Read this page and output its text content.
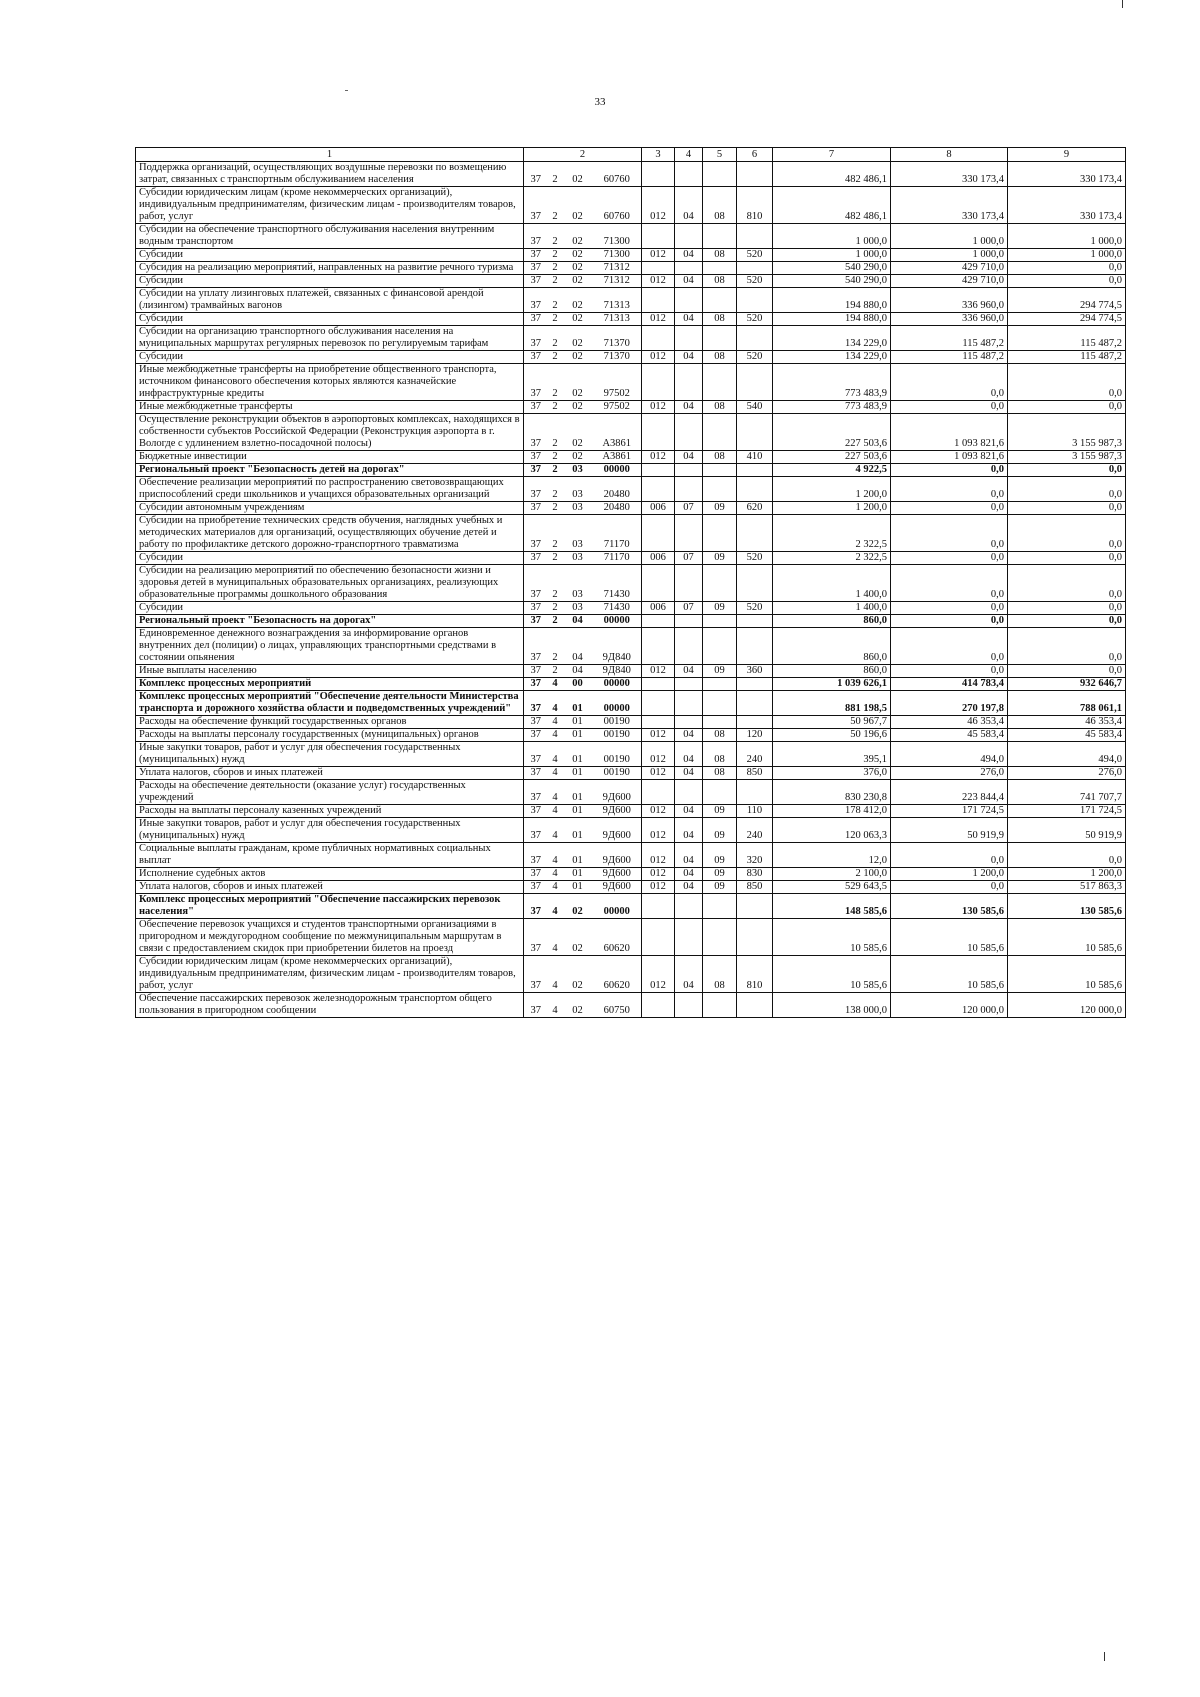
33
1	2				3	4	5	6	7	8	9
Поддержка организаций, осуществляющих воздушные перевозки по возмещению затрат, связанных с транспортным обслуживанием населения	37	2	02	60760					482 486,1	330 173,4	330 173,4
Субсидии юридическим лицам (кроме некоммерческих организаций), индивидуальным предпринимателям, физическим лицам - производителям товаров, работ, услуг	37	2	02	60760	012	04	08	810	482 486,1	330 173,4	330 173,4
Субсидии на обеспечение транспортного обслуживания населения внутренним водным транспортом	37	2	02	71300					1 000,0	1 000,0	1 000,0
Субсидии	37	2	02	71300	012	04	08	520	1 000,0	1 000,0	1 000,0
Субсидия на реализацию мероприятий, направленных на развитие речного туризма	37	2	02	71312					540 290,0	429 710,0	0,0
Субсидии	37	2	02	71312	012	04	08	520	540 290,0	429 710,0	0,0
Субсидии на уплату лизинговых платежей, связанных с финансовой арендой (лизингом) трамвайных вагонов	37	2	02	71313					194 880,0	336 960,0	294 774,5
Субсидии	37	2	02	71313	012	04	08	520	194 880,0	336 960,0	294 774,5
Субсидии на организацию транспортного обслуживания населения на муниципальных маршрутах регулярных перевозок по регулируемым тарифам	37	2	02	71370					134 229,0	115 487,2	115 487,2
Субсидии	37	2	02	71370	012	04	08	520	134 229,0	115 487,2	115 487,2
Иные межбюджетные трансферты на приобретение общественного транспорта, источником финансового обеспечения которых являются казначейские инфраструктурные кредиты	37	2	02	97502					773 483,9	0,0	0,0
Иные межбюджетные трансферты	37	2	02	97502	012	04	08	540	773 483,9	0,0	0,0
Осуществление реконструкции объектов в аэропортовых комплексах, находящихся в собственности субъектов Российской Федерации (Реконструкция аэропорта в г. Вологде с удлинением взлетно-посадочной полосы)	37	2	02	А3861					227 503,6	1 093 821,6	3 155 987,3
Бюджетные инвестиции	37	2	02	А3861	012	04	08	410	227 503,6	1 093 821,6	3 155 987,3
Региональный проект "Безопасность детей на дорогах"	37	2	03	00000					4 922,5	0,0	0,0
Обеспечение реализации мероприятий по распространению световозвращающих приспособлений среди школьников и учащихся образовательных организаций	37	2	03	20480					1 200,0	0,0	0,0
Субсидии автономным учреждениям	37	2	03	20480	006	07	09	620	1 200,0	0,0	0,0
Субсидии на приобретение технических средств обучения, наглядных учебных и методических материалов для организаций, осуществляющих обучение детей и работу по профилактике детского дорожно-транспортного травматизма	37	2	03	71170					2 322,5	0,0	0,0
Субсидии	37	2	03	71170	006	07	09	520	2 322,5	0,0	0,0
Субсидии на реализацию мероприятий по обеспечению безопасности жизни и здоровья детей в муниципальных образовательных организациях, реализующих образовательные программы дошкольного образования	37	2	03	71430					1 400,0	0,0	0,0
Субсидии	37	2	03	71430	006	07	09	520	1 400,0	0,0	0,0
Региональный проект "Безопасность на дорогах"	37	2	04	00000					860,0	0,0	0,0
Единовременное денежного вознаграждения за информирование органов внутренних дел (полиции) о лицах, управляющих транспортными средствами в состоянии опьянения	37	2	04	9Д840					860,0	0,0	0,0
Иные выплаты населению	37	2	04	9Д840	012	04	09	360	860,0	0,0	0,0
Комплекс процессных мероприятий	37	4	00	00000					1 039 626,1	414 783,4	932 646,7
Комплекс процессных мероприятий "Обеспечение деятельности Министерства транспорта и дорожного хозяйства области и подведомственных учреждений"	37	4	01	00000					881 198,5	270 197,8	788 061,1
Расходы на обеспечение функций государственных органов	37	4	01	00190					50 967,7	46 353,4	46 353,4
Расходы на выплаты персоналу государственных (муниципальных) органов	37	4	01	00190	012	04	08	120	50 196,6	45 583,4	45 583,4
Иные закупки товаров, работ и услуг для обеспечения государственных (муниципальных) нужд	37	4	01	00190	012	04	08	240	395,1	494,0	494,0
Уплата налогов, сборов и иных платежей	37	4	01	00190	012	04	08	850	376,0	276,0	276,0
Расходы на обеспечение деятельности (оказание услуг) государственных учреждений	37	4	01	9Д600					830 230,8	223 844,4	741 707,7
Расходы на выплаты персоналу казенных учреждений	37	4	01	9Д600	012	04	09	110	178 412,0	171 724,5	171 724,5
Иные закупки товаров, работ и услуг для обеспечения государственных (муниципальных) нужд	37	4	01	9Д600	012	04	09	240	120 063,3	50 919,9	50 919,9
Социальные выплаты гражданам, кроме публичных нормативных социальных выплат	37	4	01	9Д600	012	04	09	320	12,0	0,0	0,0
Исполнение судебных актов	37	4	01	9Д600	012	04	09	830	2 100,0	1 200,0	1 200,0
Уплата налогов, сборов и иных платежей	37	4	01	9Д600	012	04	09	850	529 643,5	0,0	517 863,3
Комплекс процессных мероприятий "Обеспечение пассажирских перевозок населения"	37	4	02	00000					148 585,6	130 585,6	130 585,6
Обеспечение перевозок учащихся и студентов транспортными организациями в пригородном и междугородном сообщение по межмуниципальным маршрутам в связи с предоставлением скидок при приобретении билетов на проезд	37	4	02	60620					10 585,6	10 585,6	10 585,6
Субсидии юридическим лицам (кроме некоммерческих организаций), индивидуальным предпринимателям, физическим лицам - производителям товаров, работ, услуг	37	4	02	60620	012	04	08	810	10 585,6	10 585,6	10 585,6
Обеспечение пассажирских перевозок железнодорожным транспортом общего пользования в пригородном сообщении	37	4	02	60750					138 000,0	120 000,0	120 000,0
